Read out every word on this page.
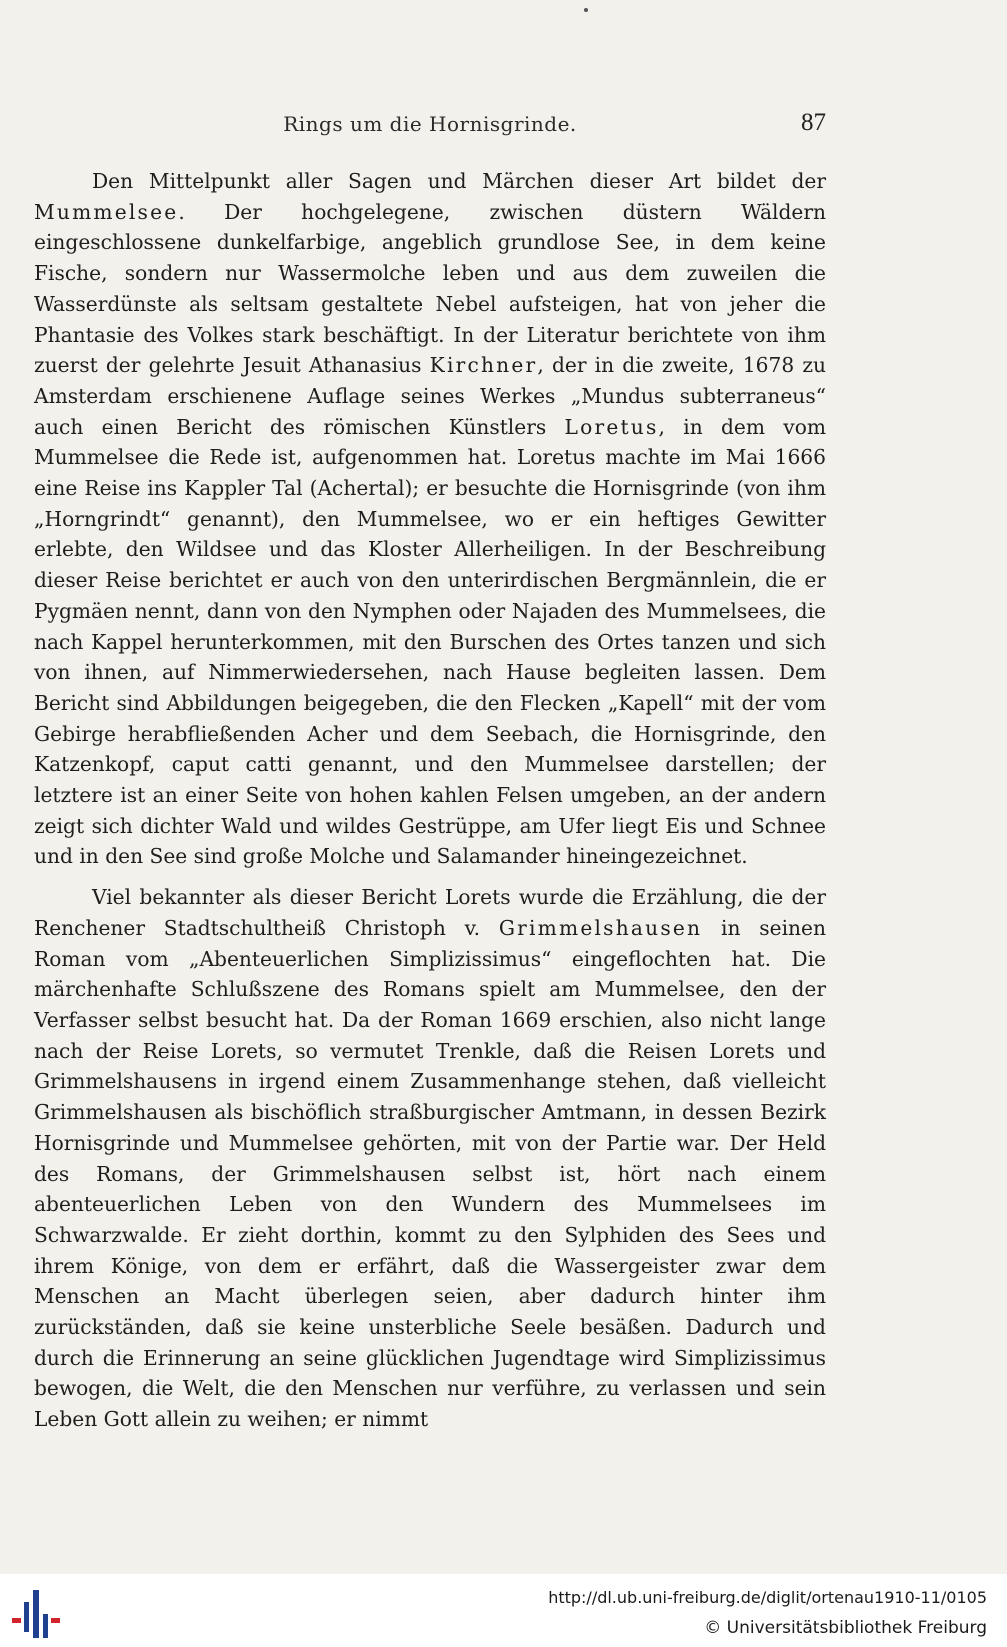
Rings um die Hornisgrinde.	87

Den Mittelpunkt aller Sagen und Märchen dieser Art bildet der Mummelsee. Der hochgelegene, zwischen düstern Wäldern eingeschlossene dunkelfarbige, angeblich grundlose See, in dem keine Fische, sondern nur Wassermolche leben und aus dem zuweilen die Wasserdünste als seltsam gestaltete Nebel aufsteigen, hat von jeher die Phantasie des Volkes stark beschäftigt. In der Literatur berichtete von ihm zuerst der gelehrte Jesuit Athanasius Kirchner, der in die zweite, 1678 zu Amsterdam erschienene Auflage seines Werkes „Mundus subterraneus“ auch einen Bericht des römischen Künstlers Loretus, in dem vom Mummelsee die Rede ist, aufgenommen hat. Loretus machte im Mai 1666 eine Reise ins Kappler Tal (Achertal); er besuchte die Hornisgrinde (von ihm „Horngrindt“ genannt), den Mummelsee, wo er ein heftiges Gewitter erlebte, den Wildsee und das Kloster Allerheiligen. In der Beschreibung dieser Reise berichtet er auch von den unterirdischen Bergmännlein, die er Pygmäen nennt, dann von den Nymphen oder Najaden des Mummelsees, die nach Kappel herunterkommen, mit den Burschen des Ortes tanzen und sich von ihnen, auf Nimmerwiedersehen, nach Hause begleiten lassen. Dem Bericht sind Abbildungen beigegeben, die den Flecken „Kapell“ mit der vom Gebirge herabfließenden Acher und dem Seebach, die Hornisgrinde, den Katzenkopf, caput catti genannt, und den Mummelsee darstellen; der letztere ist an einer Seite von hohen kahlen Felsen umgeben, an der andern zeigt sich dichter Wald und wildes Gestrüppe, am Ufer liegt Eis und Schnee und in den See sind große Molche und Salamander hineingezeichnet.

Viel bekannter als dieser Bericht Lorets wurde die Erzählung, die der Renchener Stadtschultheiß Christoph v. Grimmelshausen in seinen Roman vom „Abenteuerlichen Simplizissimus“ eingeflochten hat. Die märchenhafte Schlußszene des Romans spielt am Mummelsee, den der Verfasser selbst besucht hat. Da der Roman 1669 erschien, also nicht lange nach der Reise Lorets, so vermutet Trenkle, daß die Reisen Lorets und Grimmelshausens in irgend einem Zusammenhange stehen, daß vielleicht Grimmelshausen als bischöflich straßburgischer Amtmann, in dessen Bezirk Hornisgrinde und Mummelsee gehörten, mit von der Partie war. Der Held des Romans, der Grimmelshausen selbst ist, hört nach einem abenteuerlichen Leben von den Wundern des Mummelsees im Schwarzwalde. Er zieht dorthin, kommt zu den Sylphiden des Sees und ihrem Könige, von dem er erfährt, daß die Wassergeister zwar dem Menschen an Macht überlegen seien, aber dadurch hinter ihm zurückständen, daß sie keine unsterbliche Seele besäßen. Dadurch und durch die Erinnerung an seine glücklichen Jugendtage wird Simplizissimus bewogen, die Welt, die den Menschen nur verführe, zu verlassen und sein Leben Gott allein zu weihen; er nimmt

http://dl.ub.uni-freiburg.de/diglit/ortenau1910-11/0105
© Universitätsbibliothek Freiburg
